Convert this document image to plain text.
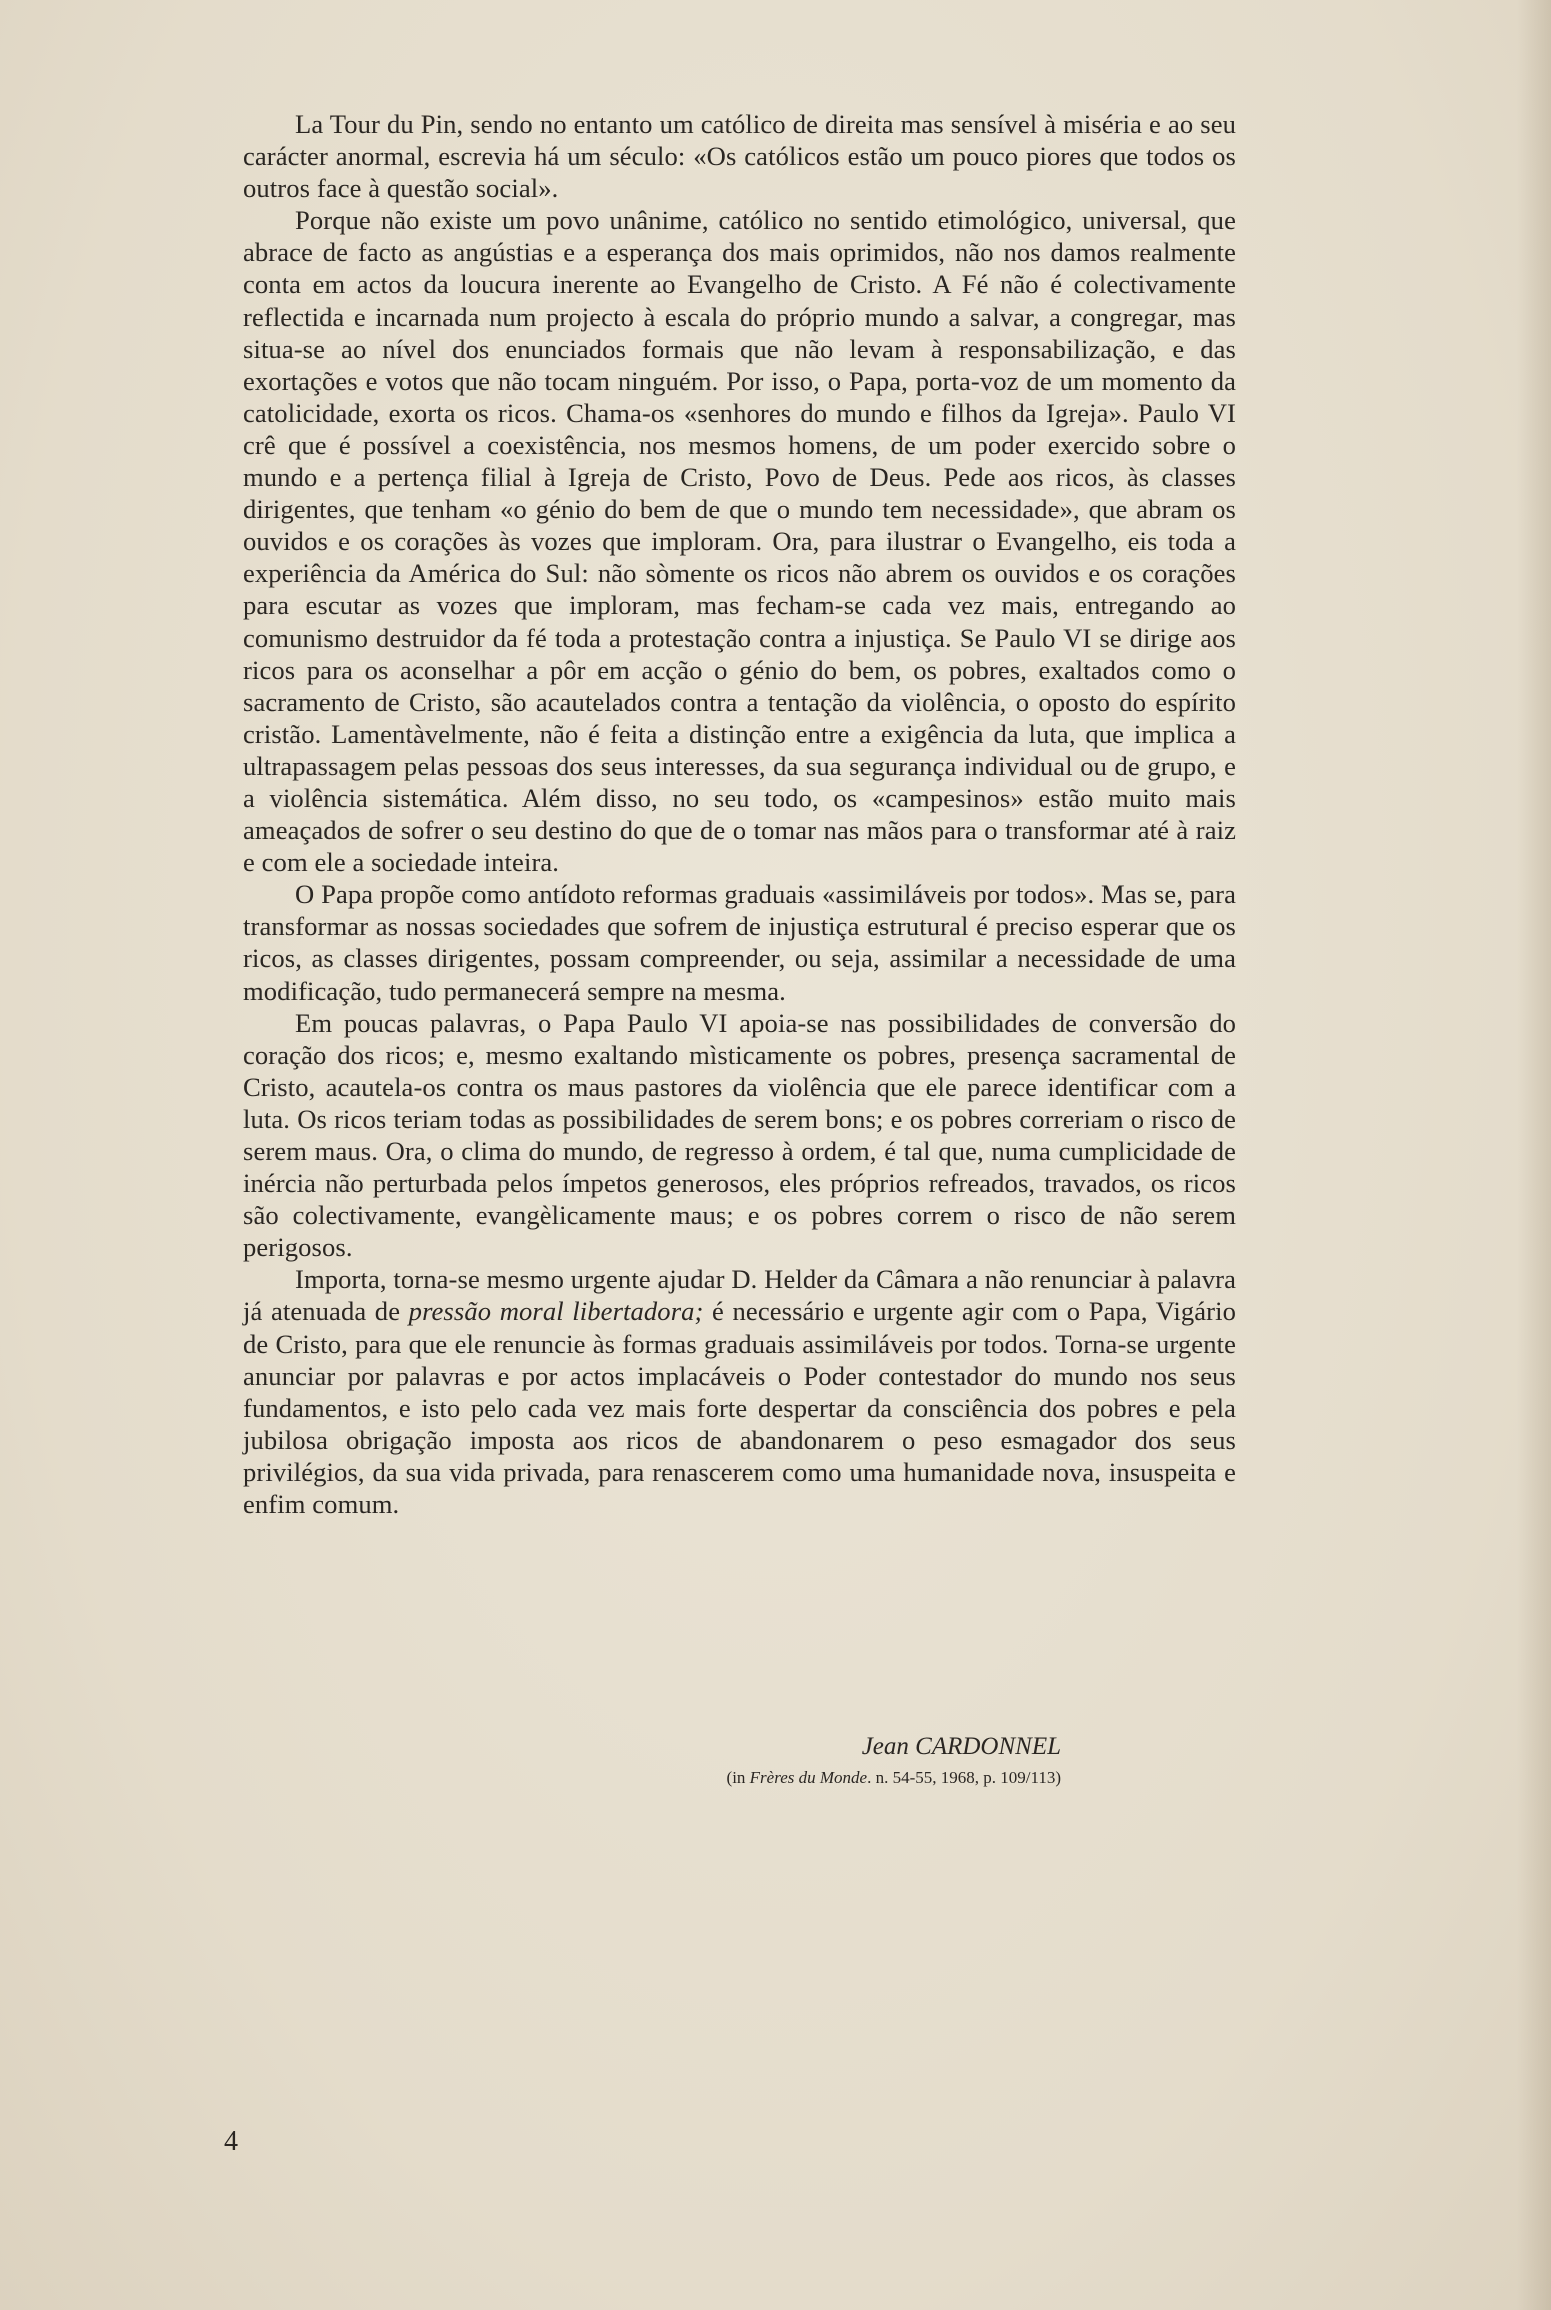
La Tour du Pin, sendo no entanto um católico de direita mas sensível à miséria e ao seu carácter anormal, escrevia há um século: «Os católicos estão um pouco piores que todos os outros face à questão social».

Porque não existe um povo unânime, católico no sentido etimológico, universal, que abrace de facto as angústias e a esperança dos mais oprimidos, não nos damos realmente conta em actos da loucura inerente ao Evangelho de Cristo. A Fé não é colectivamente reflectida e incarnada num projecto à escala do próprio mundo a salvar, a congregar, mas situa-se ao nível dos enunciados formais que não levam à responsabilização, e das exortações e votos que não tocam ninguém. Por isso, o Papa, porta-voz de um momento da catolicidade, exorta os ricos. Chama-os «senhores do mundo e filhos da Igreja». Paulo VI crê que é possível a coexistência, nos mesmos homens, de um poder exercido sobre o mundo e a pertença filial à Igreja de Cristo, Povo de Deus. Pede aos ricos, às classes dirigentes, que tenham «o génio do bem de que o mundo tem necessidade», que abram os ouvidos e os corações às vozes que imploram. Ora, para ilustrar o Evangelho, eis toda a experiência da América do Sul: não sòmente os ricos não abrem os ouvidos e os corações para escutar as vozes que imploram, mas fecham-se cada vez mais, entregando ao comunismo destruidor da fé toda a protestação contra a injustiça. Se Paulo VI se dirige aos ricos para os aconselhar a pôr em acção o génio do bem, os pobres, exaltados como o sacramento de Cristo, são acautelados contra a tentação da violência, o oposto do espírito cristão. Lamentàvelmente, não é feita a distinção entre a exigência da luta, que implica a ultrapassagem pelas pessoas dos seus interesses, da sua segurança individual ou de grupo, e a violência sistemática. Além disso, no seu todo, os «campesinos» estão muito mais ameaçados de sofrer o seu destino do que de o tomar nas mãos para o transformar até à raiz e com ele a sociedade inteira.

O Papa propõe como antídoto reformas graduais «assimiláveis por todos». Mas se, para transformar as nossas sociedades que sofrem de injustiça estrutural é preciso esperar que os ricos, as classes dirigentes, possam compreender, ou seja, assimilar a necessidade de uma modificação, tudo permanecerá sempre na mesma.

Em poucas palavras, o Papa Paulo VI apoia-se nas possibilidades de conversão do coração dos ricos; e, mesmo exaltando mìsticamente os pobres, presença sacramental de Cristo, acautela-os contra os maus pastores da violência que ele parece identificar com a luta. Os ricos teriam todas as possibilidades de serem bons; e os pobres correriam o risco de serem maus. Ora, o clima do mundo, de regresso à ordem, é tal que, numa cumplicidade de inércia não perturbada pelos ímpetos generosos, eles próprios refreados, travados, os ricos são colectivamente, evangèlicamente maus; e os pobres correm o risco de não serem perigosos.

Importa, torna-se mesmo urgente ajudar D. Helder da Câmara a não renunciar à palavra já atenuada de pressão moral libertadora; é necessário e urgente agir com o Papa, Vigário de Cristo, para que ele renuncie às formas graduais assimiláveis por todos. Torna-se urgente anunciar por palavras e por actos implacáveis o Poder contestador do mundo nos seus fundamentos, e isto pelo cada vez mais forte despertar da consciência dos pobres e pela jubilosa obrigação imposta aos ricos de abandonarem o peso esmagador dos seus privilégios, da sua vida privada, para renascerem como uma humanidade nova, insuspeita e enfim comum.

Jean CARDONNEL
(in Frères du Monde. n. 54-55, 1968, p. 109/113)
4
